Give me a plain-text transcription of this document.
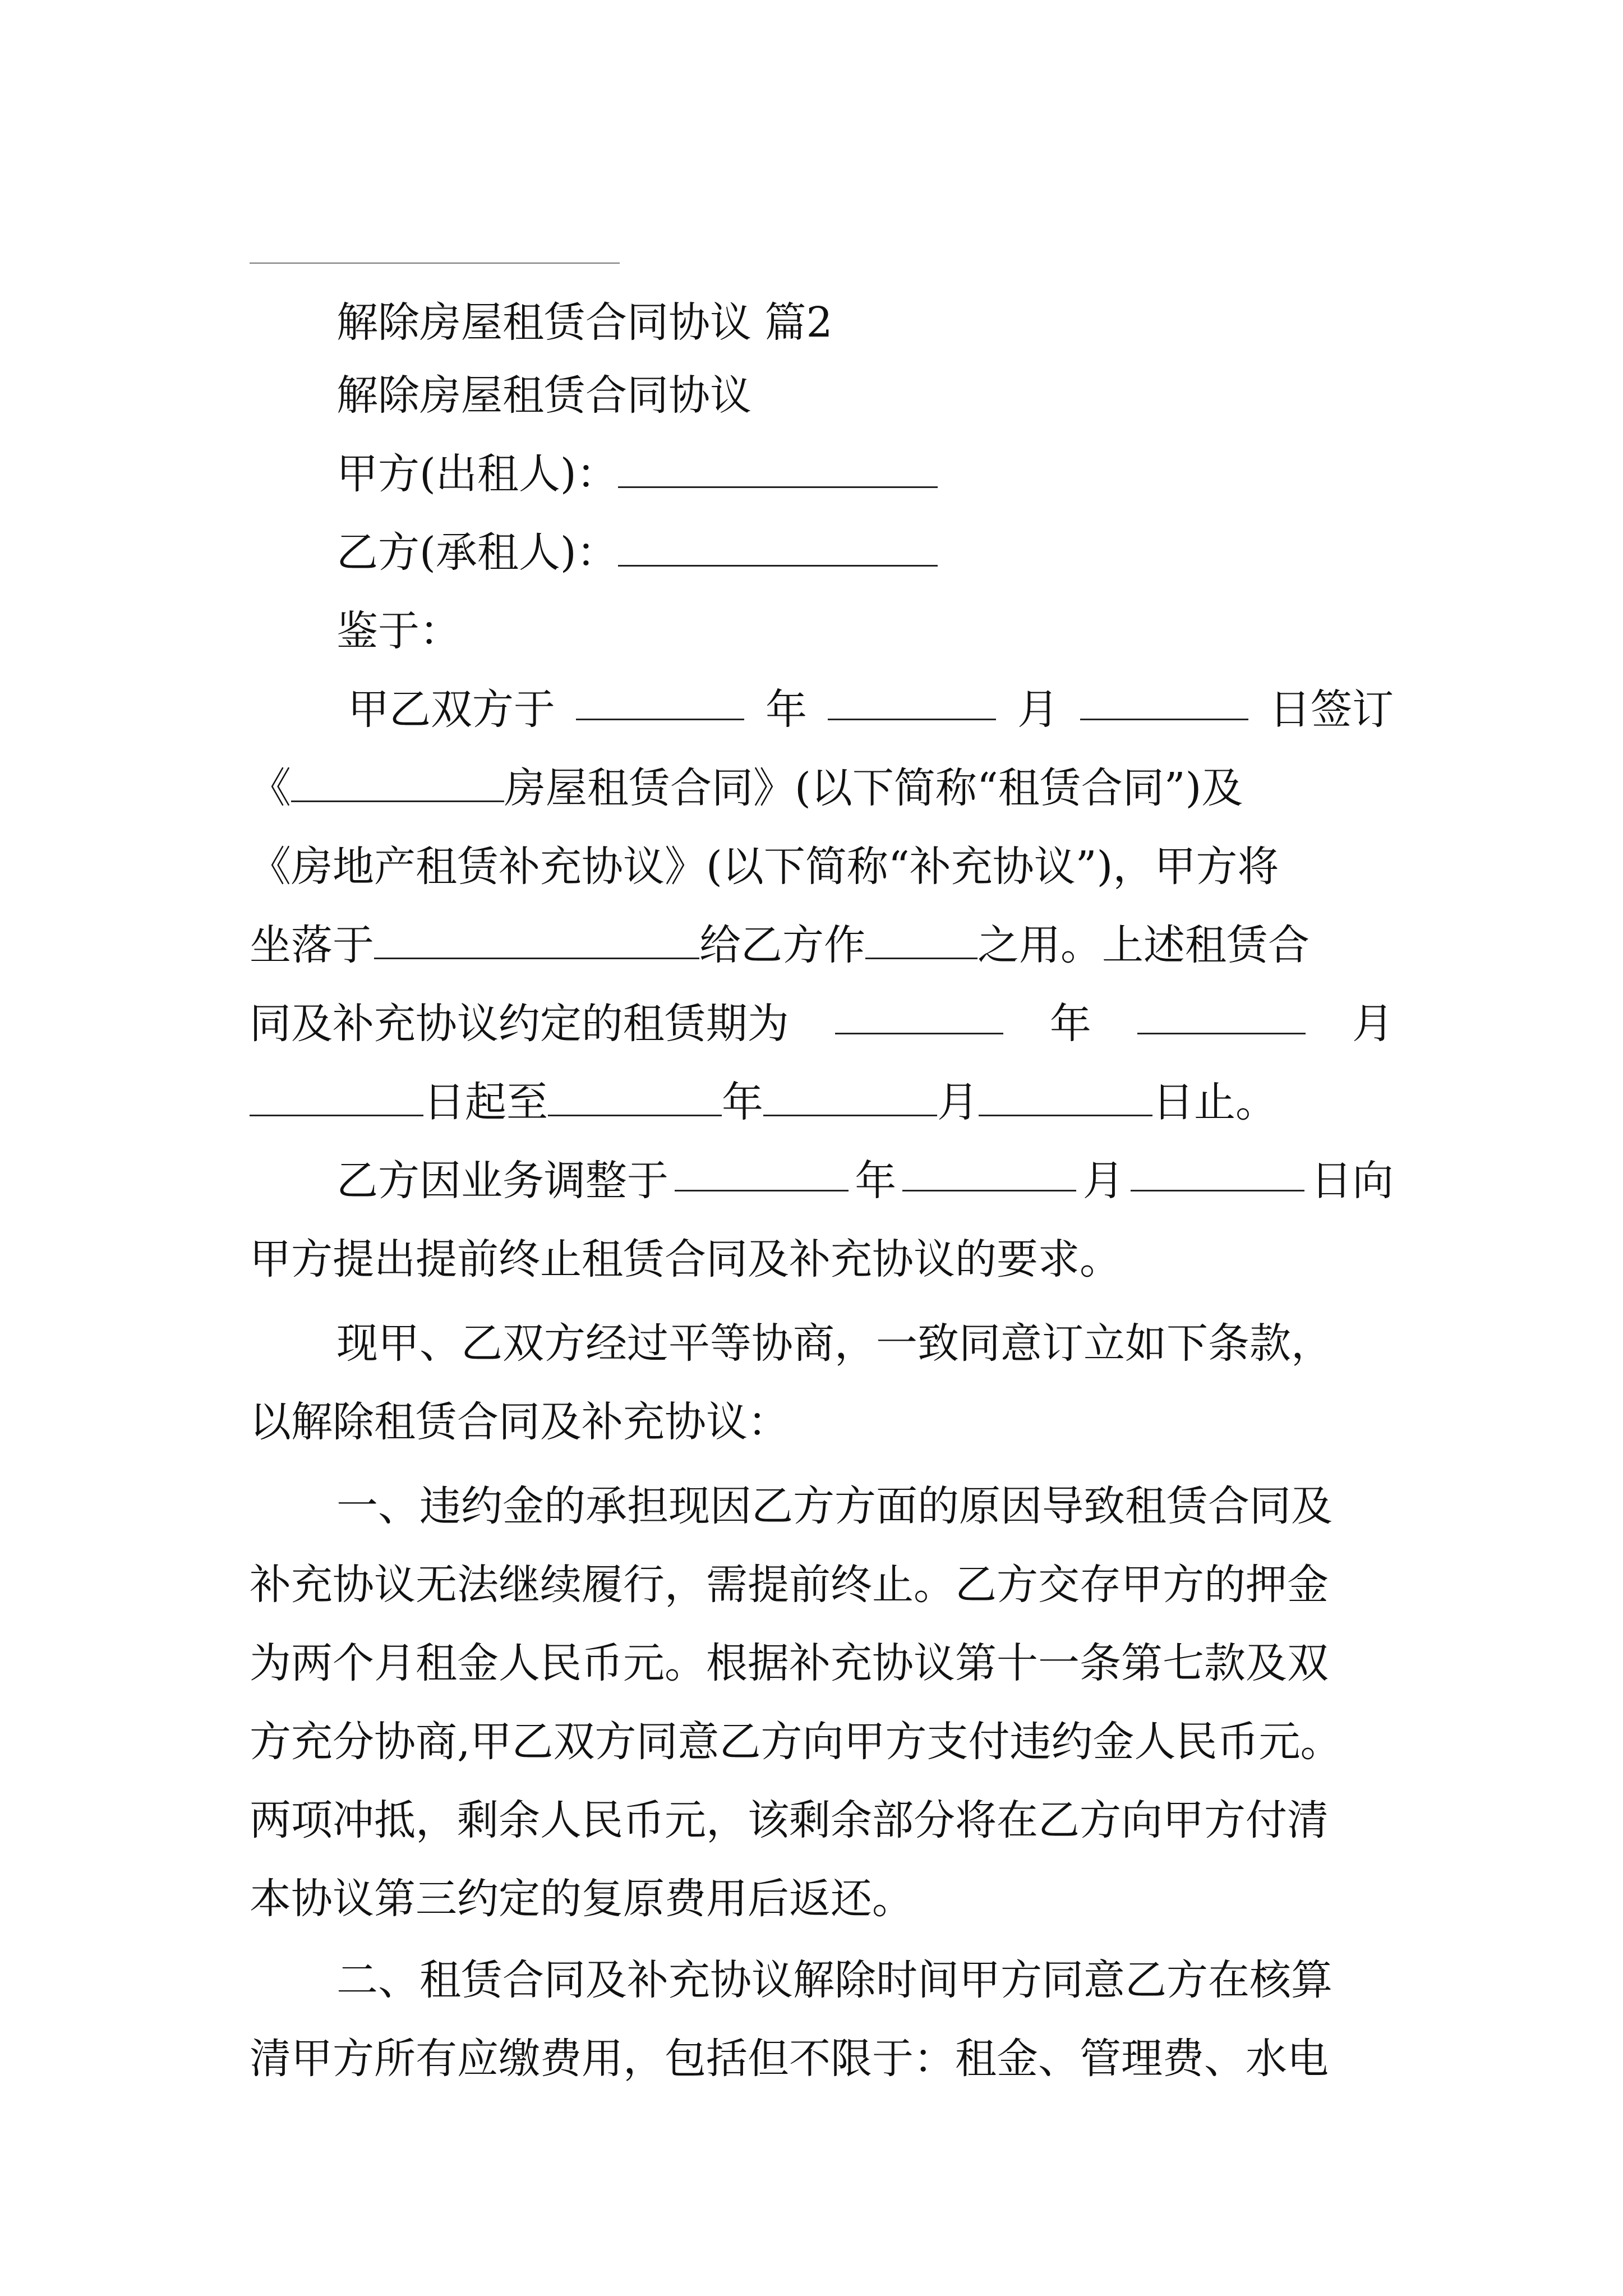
解除房屋租赁合同协议 篇2
解除房屋租赁合同协议
甲方(出租人)：
乙方(承租人)：
鉴于：
甲乙双方于	年	月	日签订
《	房屋租赁合同》(以下简称“租赁合同”)及
《房地产租赁补充协议》(以下简称“补充协议”)，甲方将
坐落于	给乙方作	之用。上述租赁合
同及补充协议约定的租赁期为	年	月
日起至	年	月	日止。
乙方因业务调整于	年	月	日向
甲方提出提前终止租赁合同及补充协议的要求。
现甲、乙双方经过平等协商，一致同意订立如下条款，
以解除租赁合同及补充协议：
一、违约金的承担现因乙方方面的原因导致租赁合同及
补充协议无法继续履行，需提前终止。乙方交存甲方的押金
为两个月租金人民币元。根据补充协议第十一条第七款及双
方充分协商,甲乙双方同意乙方向甲方支付违约金人民币元。
两项冲抵，剩余人民币元，该剩余部分将在乙方向甲方付清
本协议第三约定的复原费用后返还。
二、租赁合同及补充协议解除时间甲方同意乙方在核算
清甲方所有应缴费用，包括但不限于：租金、管理费、水电
